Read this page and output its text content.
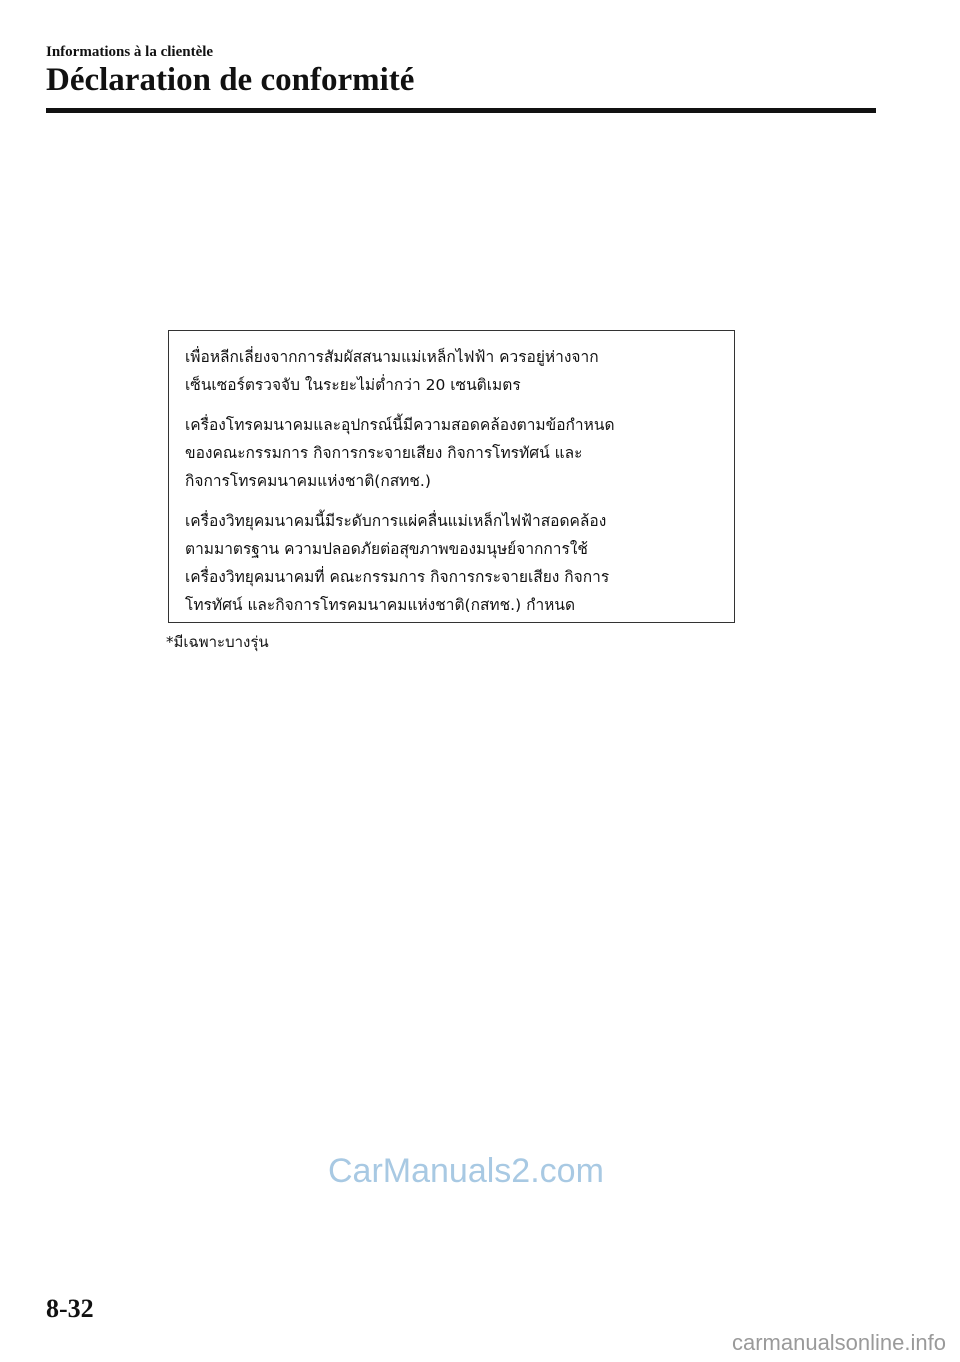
Informations à la clientèle
Déclaration de conformité

เพื่อหลีกเลี่ยงจากการสัมผัสสนามแม่เหล็กไฟฟ้า ควรอยู่ห่างจาก
เซ็นเซอร์ตรวจจับ ในระยะไม่ต่ำกว่า 20 เซนติเมตร

เครื่องโทรคมนาคมและอุปกรณ์นี้มีความสอดคล้องตามข้อกำหนด
ของคณะกรรมการ กิจการกระจายเสียง กิจการโทรทัศน์ และ
กิจการโทรคมนาคมแห่งชาติ(กสทช.)

เครื่องวิทยุคมนาคมนี้มีระดับการแผ่คลื่นแม่เหล็กไฟฟ้าสอดคล้อง
ตามมาตรฐาน ความปลอดภัยต่อสุขภาพของมนุษย์จากการใช้
เครื่องวิทยุคมนาคมที่ คณะกรรมการ กิจการกระจายเสียง กิจการ
โทรทัศน์ และกิจการโทรคมนาคมแห่งชาติ(กสทช.) กำหนด

*มีเฉพาะบางรุ่น
CarManuals2.com
8-32
carmanualsonline.info
